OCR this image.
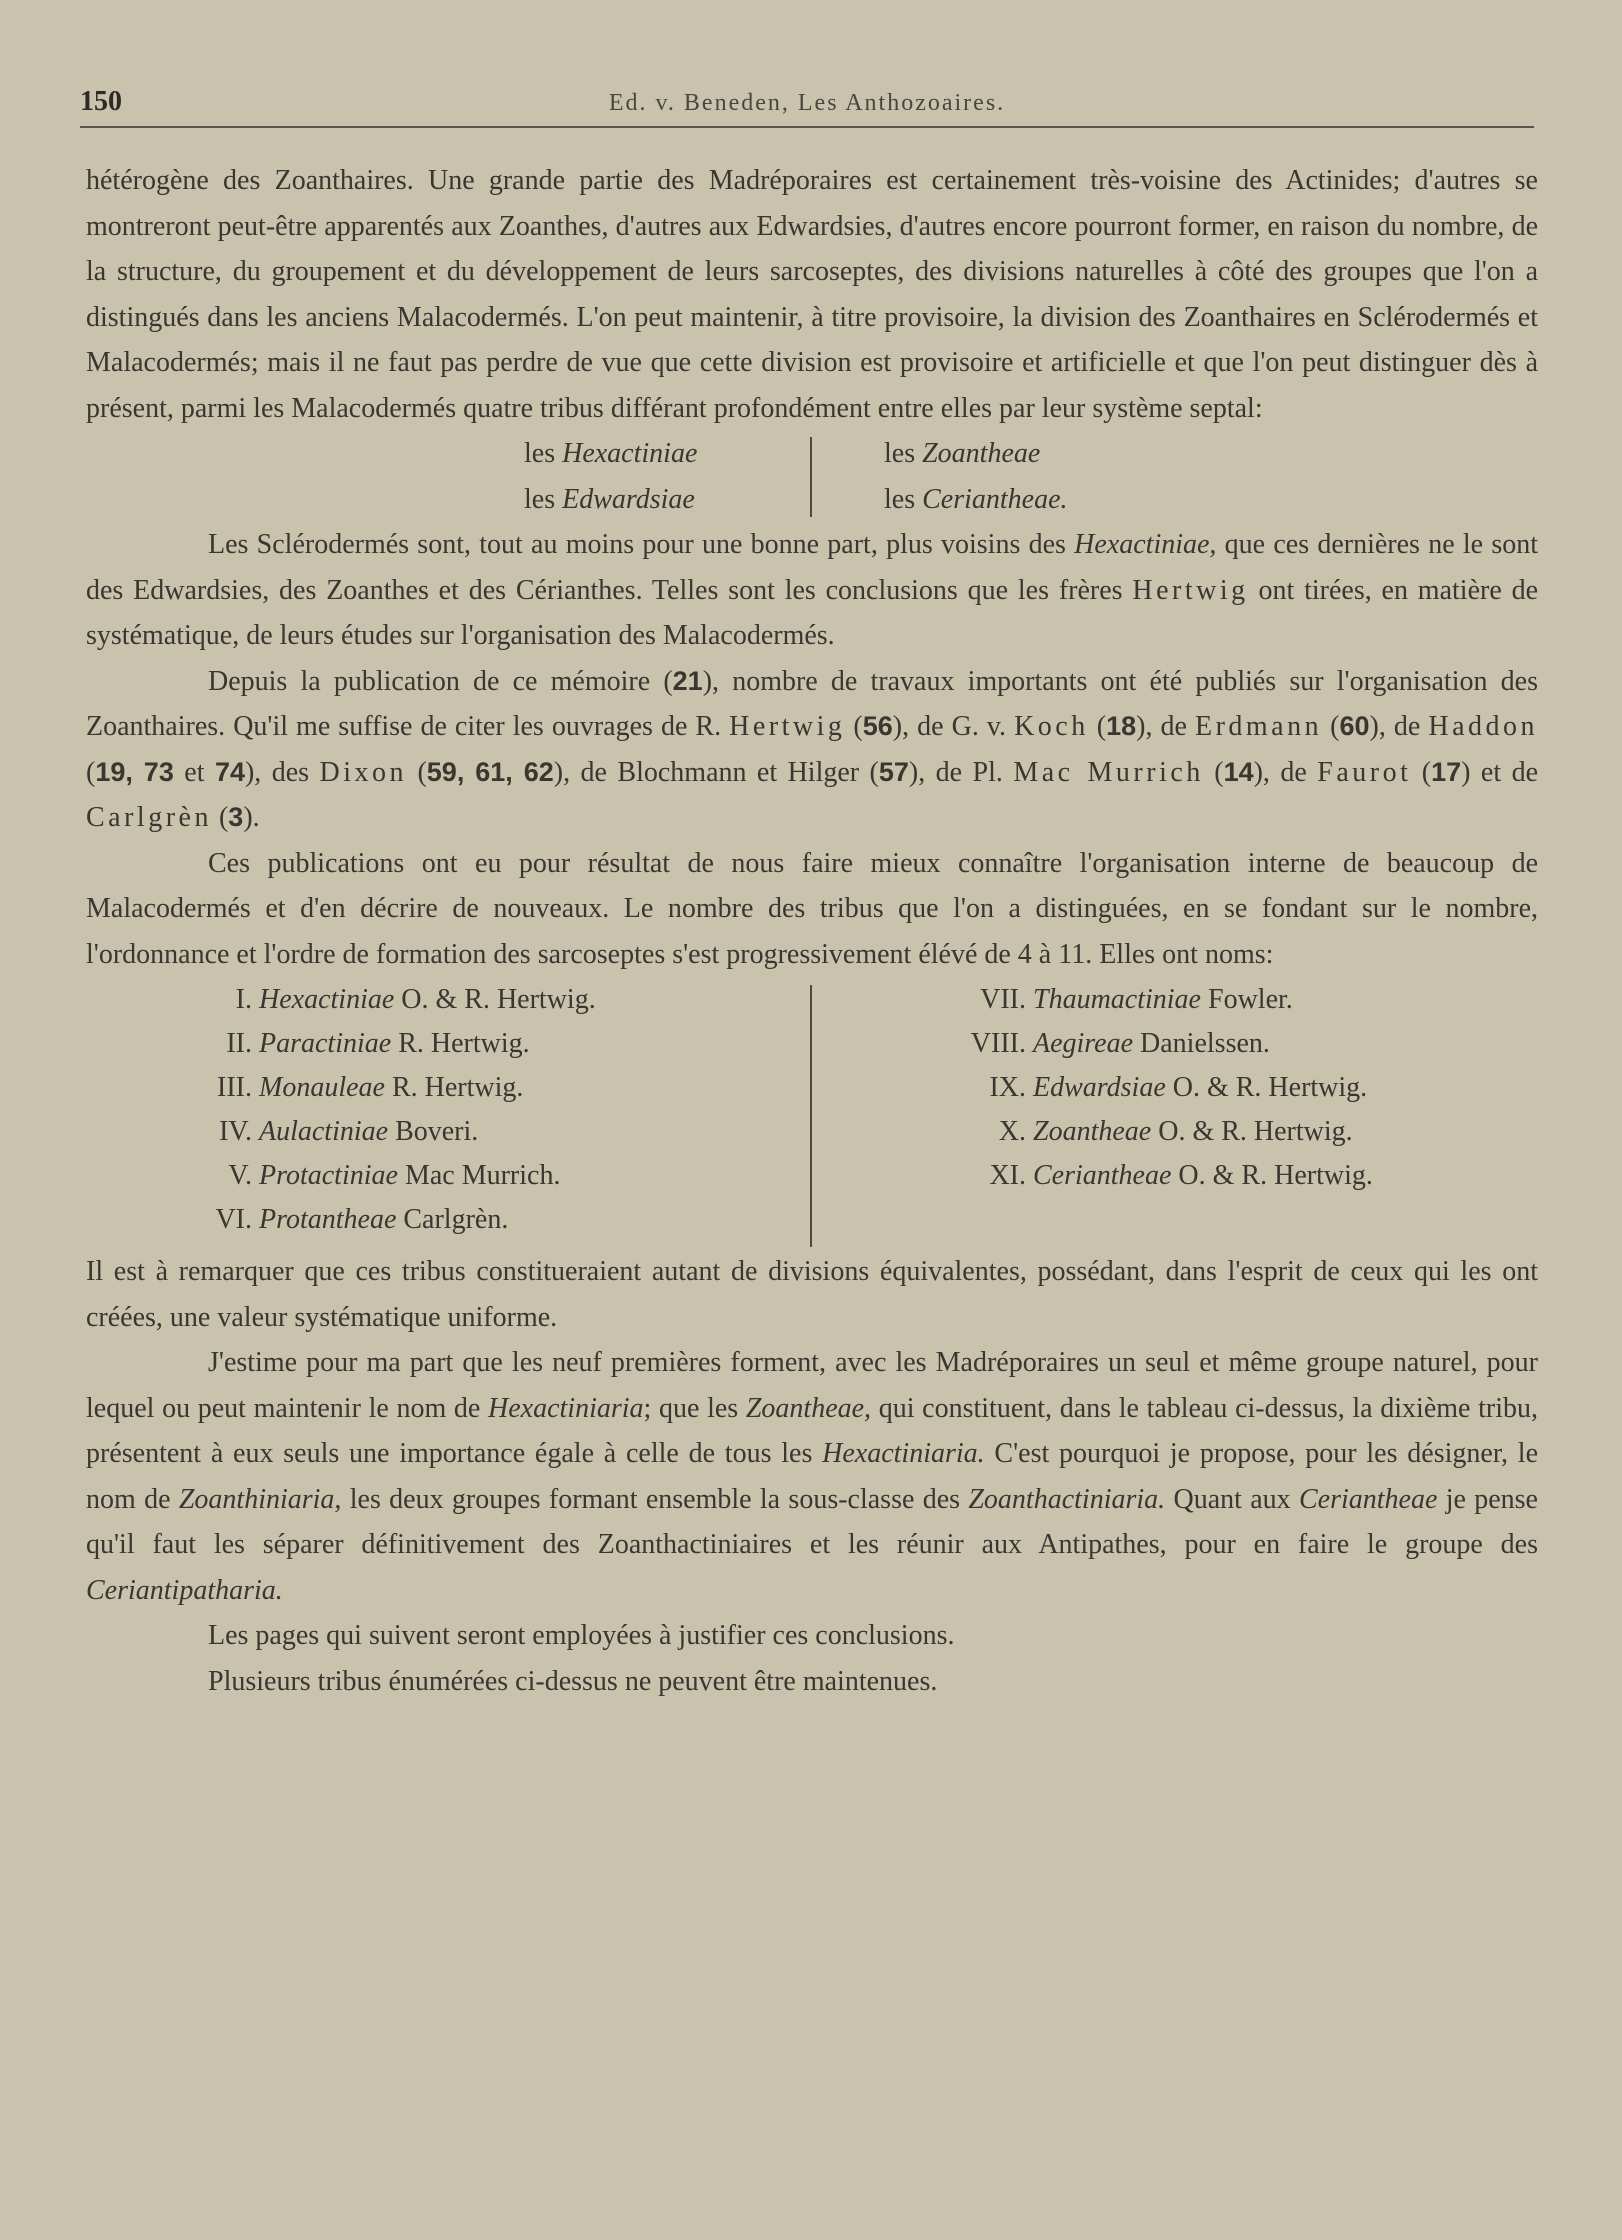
150	Ed. v. Beneden, Les Anthozoaires.

hétérogène des Zoanthaires. Une grande partie des Madréporaires est certainement très-voisine des Actinides; d'autres se montreront peut-être apparentés aux Zoanthes, d'autres aux Edwardsies, d'autres encore pourront former, en raison du nombre, de la structure, du groupement et du développement de leurs sarcoseptes, des divisions naturelles à côté des groupes que l'on a distingués dans les anciens Malacodermés. L'on peut maintenir, à titre provisoire, la division des Zoanthaires en Sclérodermés et Malacodermés; mais il ne faut pas perdre de vue que cette division est provisoire et artificielle et que l'on peut distinguer dès à présent, parmi les Malacodermés quatre tribus différant profondément entre elles par leur système septal:

les Hexactiniae
les Edwardsiae
les Zoantheae
les Ceriantheae.

Les Sclérodermés sont, tout au moins pour une bonne part, plus voisins des Hexactiniae, que ces dernières ne le sont des Edwardsies, des Zoanthes et des Cérianthes. Telles sont les conclusions que les frères Hertwig ont tirées, en matière de systématique, de leurs études sur l'organisation des Malacodermés.

Depuis la publication de ce mémoire (21), nombre de travaux importants ont été publiés sur l'organisation des Zoanthaires. Qu'il me suffise de citer les ouvrages de R. Hertwig (56), de G. v. Koch (18), de Erdmann (60), de Haddon (19, 73 et 74), des Dixon (59, 61, 62), de Blochmann et Hilger (57), de Pl. Mac Murrich (14), de Faurot (17) et de Carlgrèn (3).

Ces publications ont eu pour résultat de nous faire mieux connaître l'organisation interne de beaucoup de Malacodermés et d'en décrire de nouveaux. Le nombre des tribus que l'on a distinguées, en se fondant sur le nombre, l'ordonnance et l'ordre de formation des sarcoseptes s'est progressivement élévé de 4 à 11. Elles ont noms:

I. Hexactiniae O. & R. Hertwig.
II. Paractiniae R. Hertwig.
III. Monauleae R. Hertwig.
IV. Aulactiniae Boveri.
V. Protactiniae Mac Murrich.
VI. Protantheae Carlgrèn.
VII. Thaumactiniae Fowler.
VIII. Aegireae Danielssen.
IX. Edwardsiae O. & R. Hertwig.
X. Zoantheae O. & R. Hertwig.
XI. Ceriantheae O. & R. Hertwig.

Il est à remarquer que ces tribus constitueraient autant de divisions équivalentes, possédant, dans l'esprit de ceux qui les ont créées, une valeur systématique uniforme.

J'estime pour ma part que les neuf premières forment, avec les Madréporaires un seul et même groupe naturel, pour lequel ou peut maintenir le nom de Hexactiniaria; que les Zoantheae, qui constituent, dans le tableau ci-dessus, la dixième tribu, présentent à eux seuls une importance égale à celle de tous les Hexactiniaria. C'est pourquoi je propose, pour les désigner, le nom de Zoanthiniaria, les deux groupes formant ensemble la sous-classe des Zoanthactiniaria. Quant aux Ceriantheae je pense qu'il faut les séparer définitivement des Zoanthactiniaires et les réunir aux Antipathes, pour en faire le groupe des Ceriantipatharia.

Les pages qui suivent seront employées à justifier ces conclusions.

Plusieurs tribus énumérées ci-dessus ne peuvent être maintenues.
